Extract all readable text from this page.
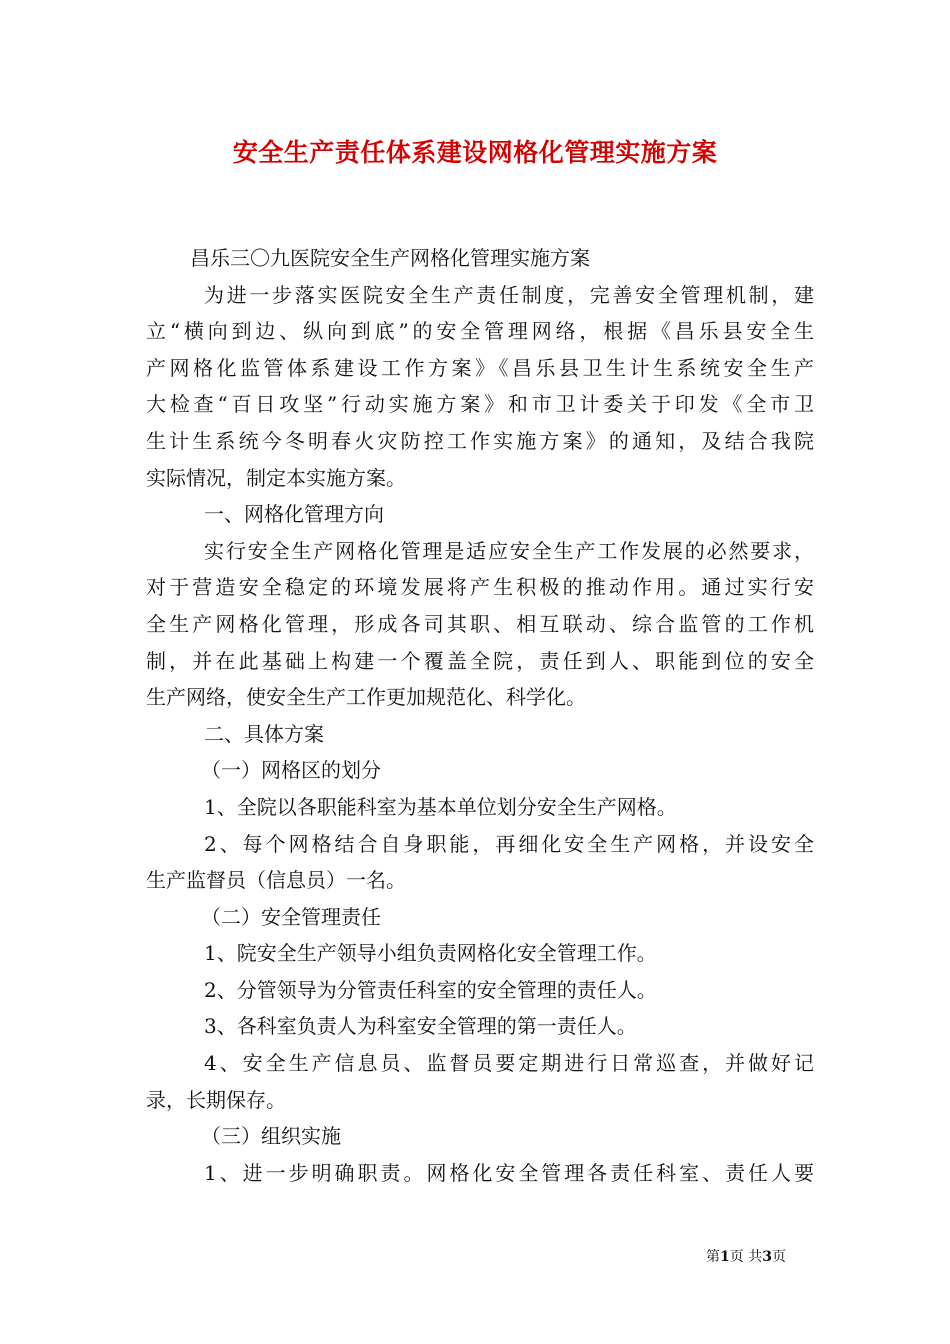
安全生产责任体系建设网格化管理实施方案
昌乐三〇九医院安全生产网格化管理实施方案
为进一步落实医院安全生产责任制度，完善安全管理机制，建
立“横向到边、纵向到底”的安全管理网络，根据《昌乐县安全生
产网格化监管体系建设工作方案》《昌乐县卫生计生系统安全生产
大检查“百日攻坚”行动实施方案》和市卫计委关于印发《全市卫
生计生系统今冬明春火灾防控工作实施方案》的通知，及结合我院
实际情况，制定本实施方案。
一、网格化管理方向
实行安全生产网格化管理是适应安全生产工作发展的必然要求，
对于营造安全稳定的环境发展将产生积极的推动作用。通过实行安
全生产网格化管理，形成各司其职、相互联动、综合监管的工作机
制，并在此基础上构建一个覆盖全院，责任到人、职能到位的安全
生产网络，使安全生产工作更加规范化、科学化。
二、具体方案
（一）网格区的划分
1、全院以各职能科室为基本单位划分安全生产网格。
2、每个网格结合自身职能，再细化安全生产网格，并设安全
生产监督员（信息员）一名。
（二）安全管理责任
1、院安全生产领导小组负责网格化安全管理工作。
2、分管领导为分管责任科室的安全管理的责任人。
3、各科室负责人为科室安全管理的第一责任人。
4、安全生产信息员、监督员要定期进行日常巡查，并做好记
录，长期保存。
（三）组织实施
1、进一步明确职责。网格化安全管理各责任科室、责任人要
第1页 共3页
